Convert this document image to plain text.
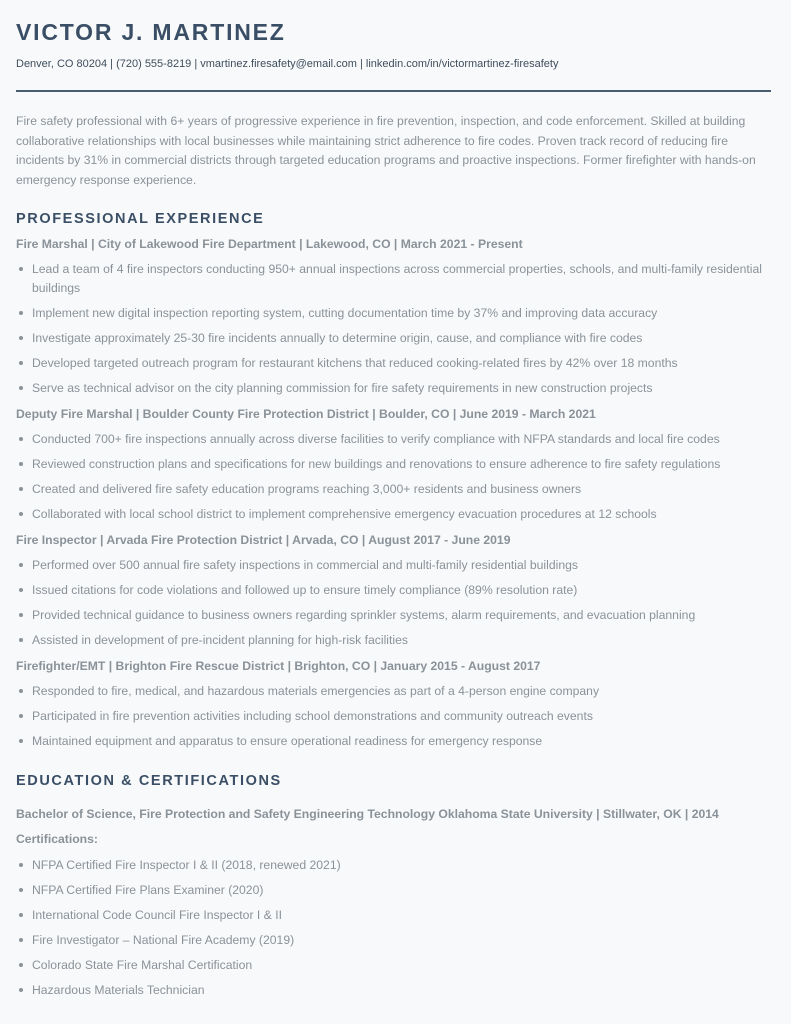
VICTOR J. MARTINEZ
Denver, CO 80204 | (720) 555-8219 | vmartinez.firesafety@email.com | linkedin.com/in/victormartinez-firesafety

Fire safety professional with 6+ years of progressive experience in fire prevention, inspection, and code enforcement. Skilled at building collaborative relationships with local businesses while maintaining strict adherence to fire codes. Proven track record of reducing fire incidents by 31% in commercial districts through targeted education programs and proactive inspections. Former firefighter with hands-on emergency response experience.

PROFESSIONAL EXPERIENCE
Fire Marshal | City of Lakewood Fire Department | Lakewood, CO | March 2021 - Present
Lead a team of 4 fire inspectors conducting 950+ annual inspections across commercial properties, schools, and multi-family residential buildings
Implement new digital inspection reporting system, cutting documentation time by 37% and improving data accuracy
Investigate approximately 25-30 fire incidents annually to determine origin, cause, and compliance with fire codes
Developed targeted outreach program for restaurant kitchens that reduced cooking-related fires by 42% over 18 months
Serve as technical advisor on the city planning commission for fire safety requirements in new construction projects
Deputy Fire Marshal | Boulder County Fire Protection District | Boulder, CO | June 2019 - March 2021
Conducted 700+ fire inspections annually across diverse facilities to verify compliance with NFPA standards and local fire codes
Reviewed construction plans and specifications for new buildings and renovations to ensure adherence to fire safety regulations
Created and delivered fire safety education programs reaching 3,000+ residents and business owners
Collaborated with local school district to implement comprehensive emergency evacuation procedures at 12 schools
Fire Inspector | Arvada Fire Protection District | Arvada, CO | August 2017 - June 2019
Performed over 500 annual fire safety inspections in commercial and multi-family residential buildings
Issued citations for code violations and followed up to ensure timely compliance (89% resolution rate)
Provided technical guidance to business owners regarding sprinkler systems, alarm requirements, and evacuation planning
Assisted in development of pre-incident planning for high-risk facilities
Firefighter/EMT | Brighton Fire Rescue District | Brighton, CO | January 2015 - August 2017
Responded to fire, medical, and hazardous materials emergencies as part of a 4-person engine company
Participated in fire prevention activities including school demonstrations and community outreach events
Maintained equipment and apparatus to ensure operational readiness for emergency response
EDUCATION & CERTIFICATIONS
Bachelor of Science, Fire Protection and Safety Engineering Technology Oklahoma State University | Stillwater, OK | 2014
Certifications:
NFPA Certified Fire Inspector I & II (2018, renewed 2021)
NFPA Certified Fire Plans Examiner (2020)
International Code Council Fire Inspector I & II
Fire Investigator – National Fire Academy (2019)
Colorado State Fire Marshal Certification
Hazardous Materials Technician
